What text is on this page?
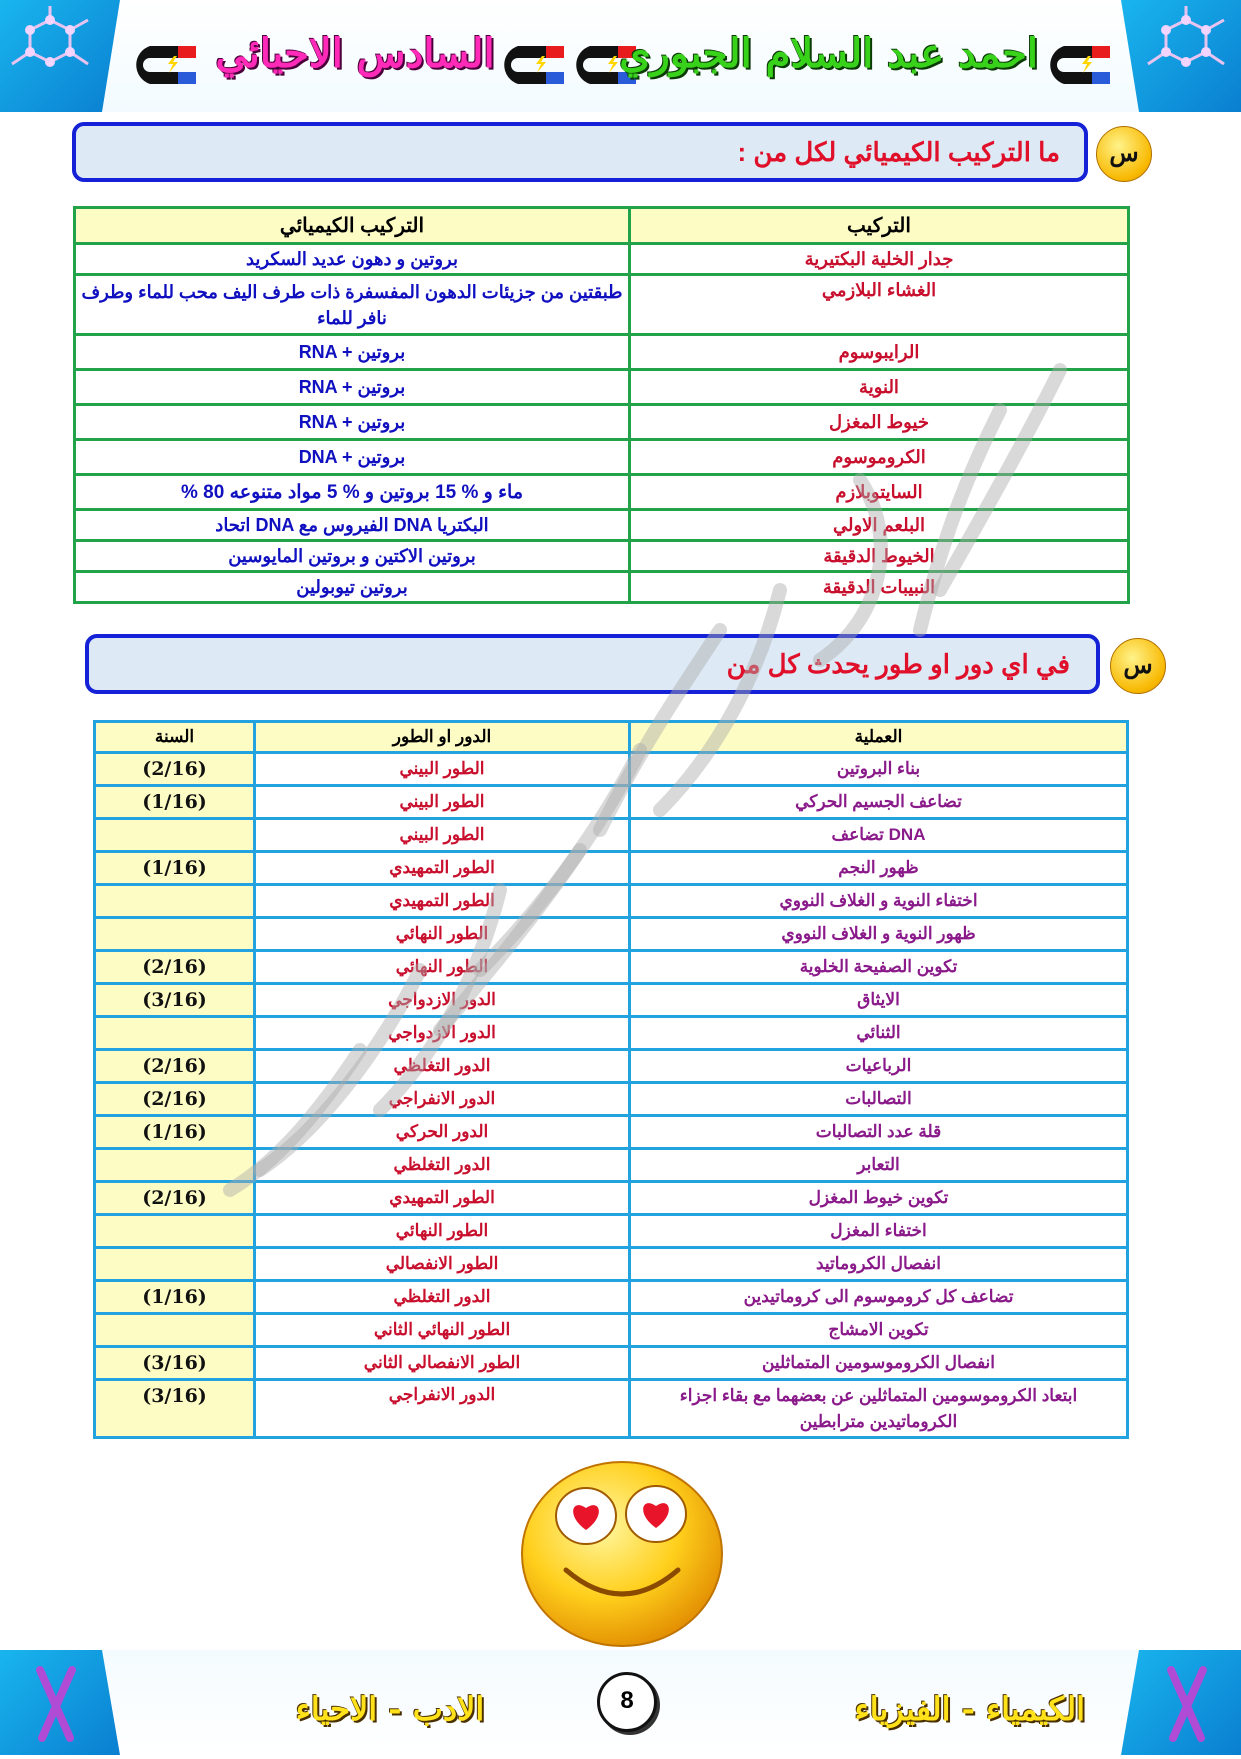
السادس الاحيائي	احمد عبد السلام الجبوري
ما التركيب الكيميائي لكل من :	س
التركيب الكيميائي	التركيب
بروتين و دهون عديد السكريد	جدار الخلية البكتيرية
طبقتين من جزيئات الدهون المفسفرة ذات طرف اليف محب للماء وطرف نافر للماء	الغشاء البلازمي
RNA + بروتين	الرايبوسوم
RNA + بروتين	النوية
RNA + بروتين	خيوط المغزل
DNA + بروتين	الكروموسوم
% 80 ماء و % 15 بروتين و % 5 مواد متنوعه	السايتوبلازم
اتحاد DNA الفيروس مع DNA البكتريا	البلعم الاولي
بروتين الاكتين و بروتين المايوسين	الخيوط الدقيقة
بروتين تيوبولين	النبيبات الدقيقة
في اي دور او طور يحدث كل من	س
السنة	الدور او الطور	العملية
(2/16)	الطور البيني	بناء البروتين
(1/16)	الطور البيني	تضاعف الجسيم الحركي
	الطور البيني	تضاعف DNA
(1/16)	الطور التمهيدي	ظهور النجم
	الطور التمهيدي	اختفاء النوية و الغلاف النووي
	الطور النهائي	ظهور النوية و الغلاف النووي
(2/16)	الطور النهائي	تكوين الصفيحة الخلوية
(3/16)	الدور الازدواجي	الايثاق
	الدور الازدواجي	الثنائي
(2/16)	الدور التغلظي	الرباعيات
(2/16)	الدور الانفراجي	التصالبات
(1/16)	الدور الحركي	قلة عدد التصالبات
	الدور التغلظي	التعابر
(2/16)	الطور التمهيدي	تكوين خيوط المغزل
	الطور النهائي	اختفاء المغزل
	الطور الانفصالي	انفصال الكروماتيد
(1/16)	الدور التغلظي	تضاعف كل كروموسوم الى كروماتيدين
	الطور النهائي الثاني	تكوين الامشاج
(3/16)	الطور الانفصالي الثاني	انفصال الكروموسومين المتماثلين
(3/16)	الدور الانفراجي	ابتعاد الكروموسومين المتماثلين عن بعضهما مع بقاء اجزاء الكروماتيدين مترابطين
الادب - الاحياء	8	الكيمياء - الفيزياء
